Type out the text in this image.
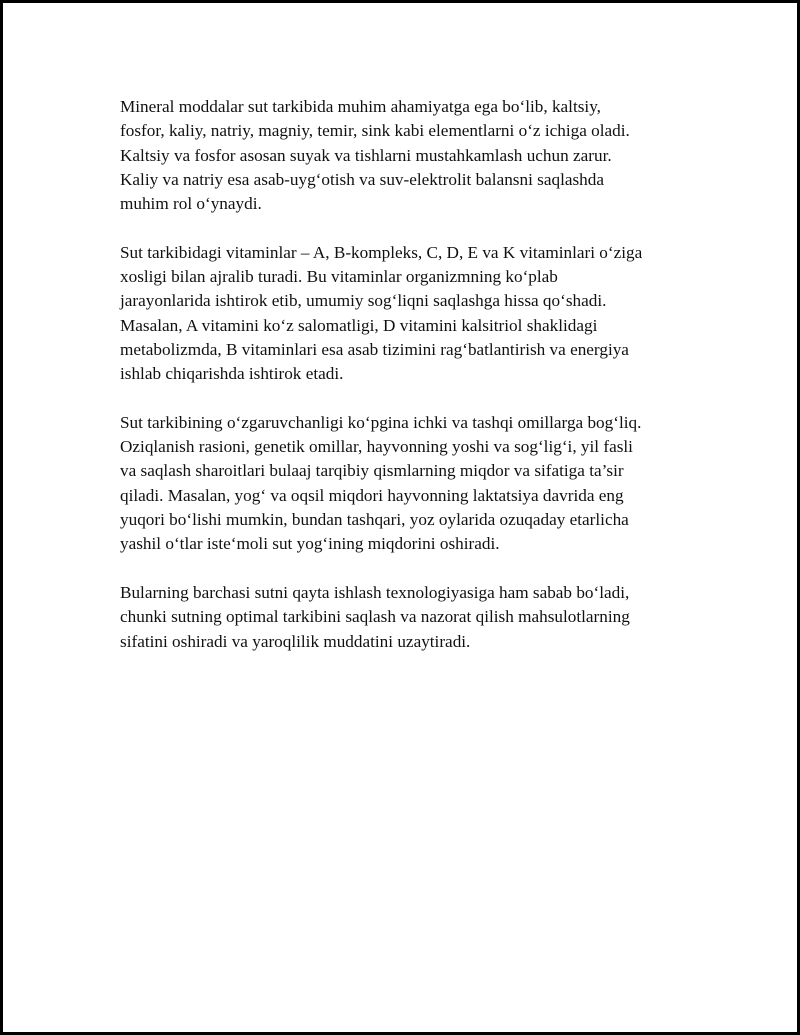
Mineral moddalar sut tarkibida muhim ahamiyatga ega bo‘lib, kaltsiy,
fosfor, kaliy, natriy, magniy, temir, sink kabi elementlarni o‘z ichiga oladi.
Kaltsiy va fosfor asosan suyak va tishlarni mustahkamlash uchun zarur.
Kaliy va natriy esa asab-uyg‘otish va suv-elektrolit balansni saqlashda
muhim rol o‘ynaydi.

Sut tarkibidagi vitaminlar – A, B-kompleks, C, D, E va K vitaminlari o‘ziga
xosligi bilan ajralib turadi. Bu vitaminlar organizmning ko‘plab
jarayonlarida ishtirok etib, umumiy sog‘liqni saqlashga hissa qo‘shadi.
Masalan, A vitamini ko‘z salomatligi, D vitamini kalsitriol shaklidagi
metabolizmda, B vitaminlari esa asab tizimini rag‘batlantirish va energiya
ishlab chiqarishda ishtirok etadi.

Sut tarkibining o‘zgaruvchanligi ko‘pgina ichki va tashqi omillarga bog‘liq.
Oziqlanish rasioni, genetik omillar, hayvonning yoshi va sog‘lig‘i, yil fasli
va saqlash sharoitlari bulaaj tarqibiy qismlarning miqdor va sifatiga ta’sir
qiladi. Masalan, yog‘ va oqsil miqdori hayvonning laktatsiya davrida eng
yuqori bo‘lishi mumkin, bundan tashqari, yoz oylarida ozuqaday etarlicha
yashil o‘tlar iste‘moli sut yog‘ining miqdorini oshiradi.

Bularning barchasi sutni qayta ishlash texnologiyasiga ham sabab bo‘ladi,
chunki sutning optimal tarkibini saqlash va nazorat qilish mahsulotlarning
sifatini oshiradi va yaroqlilik muddatini uzaytiradi.
